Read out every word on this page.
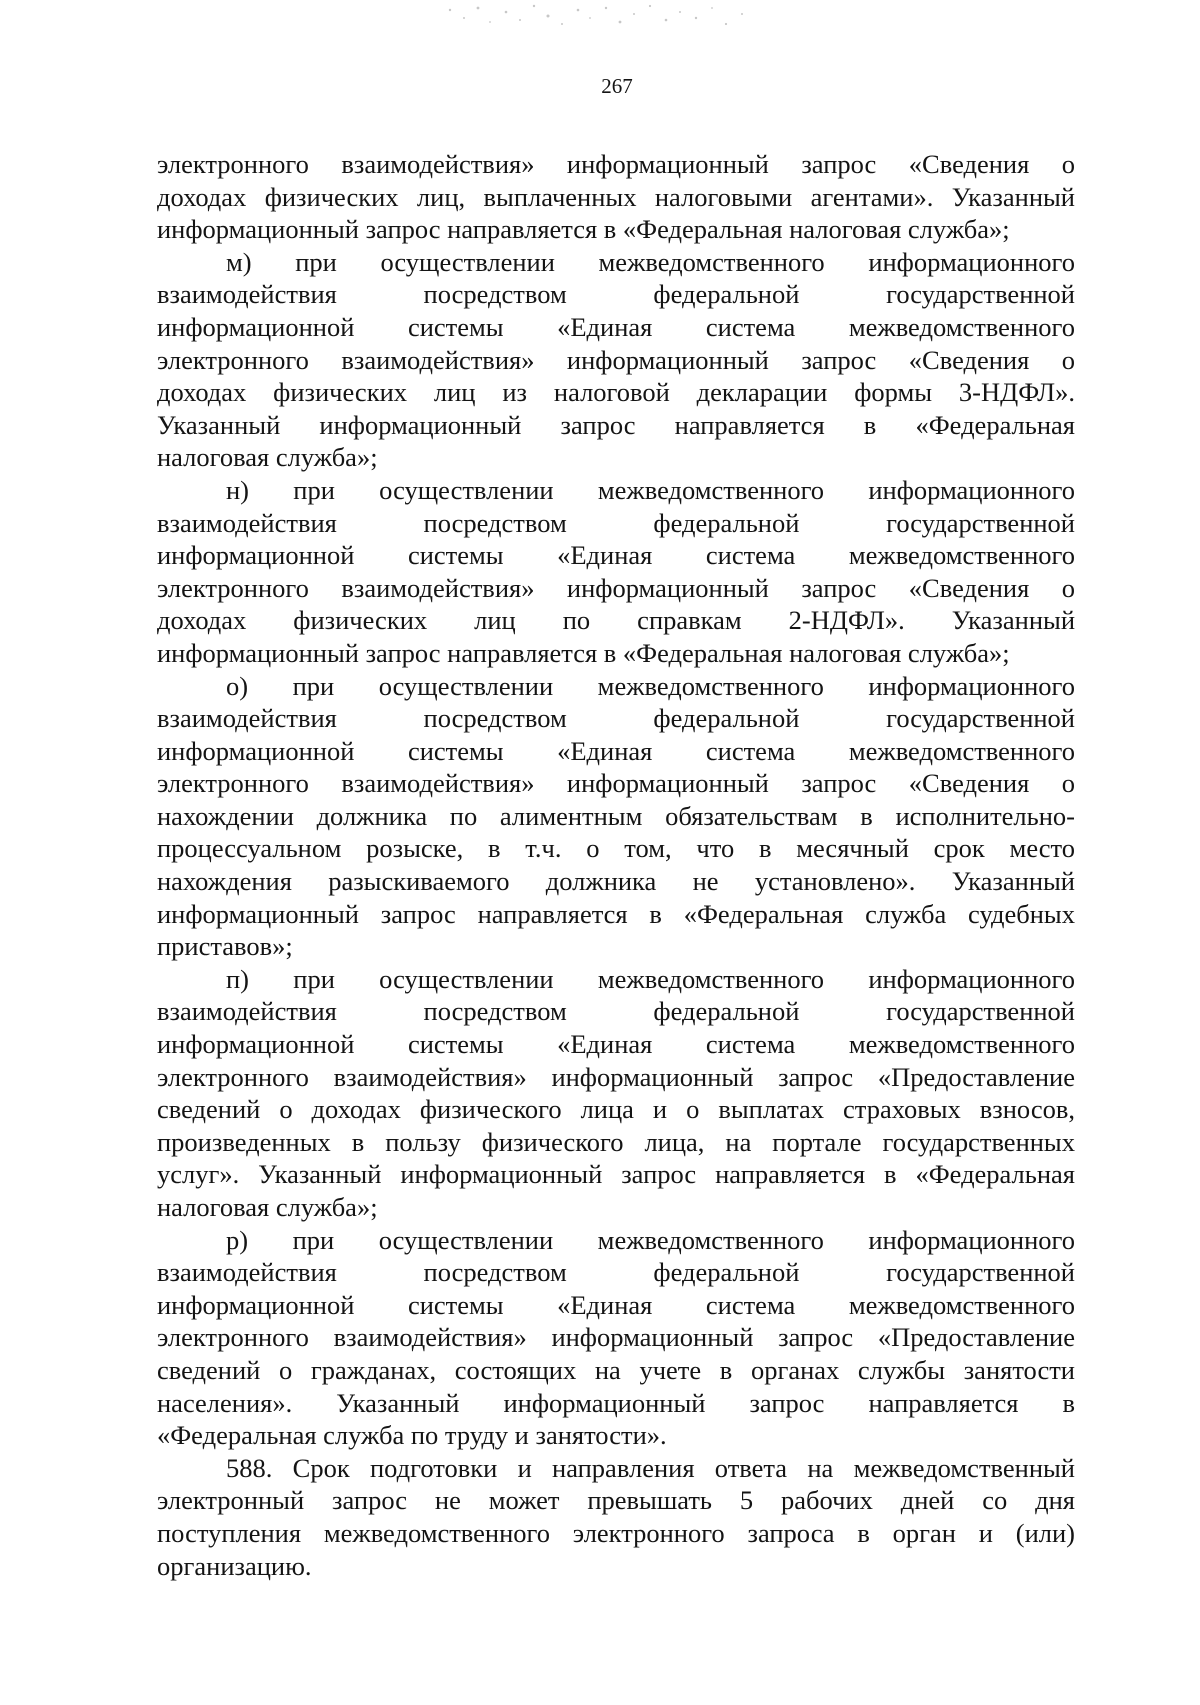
267
электронного взаимодействия» информационный запрос «Сведения о
доходах физических лиц, выплаченных налоговыми агентами». Указанный
информационный запрос направляется в «Федеральная налоговая служба»;
м) при осуществлении межведомственного информационного
взаимодействия посредством федеральной государственной
информационной системы «Единая система межведомственного
электронного взаимодействия» информационный запрос «Сведения о
доходах физических лиц из налоговой декларации формы 3-НДФЛ».
Указанный информационный запрос направляется в «Федеральная
налоговая служба»;
н) при осуществлении межведомственного информационного
взаимодействия посредством федеральной государственной
информационной системы «Единая система межведомственного
электронного взаимодействия» информационный запрос «Сведения о
доходах физических лиц по справкам 2-НДФЛ». Указанный
информационный запрос направляется в «Федеральная налоговая служба»;
о) при осуществлении межведомственного информационного
взаимодействия посредством федеральной государственной
информационной системы «Единая система межведомственного
электронного взаимодействия» информационный запрос «Сведения о
нахождении должника по алиментным обязательствам в исполнительно-
процессуальном розыске, в т.ч. о том, что в месячный срок место
нахождения разыскиваемого должника не установлено». Указанный
информационный запрос направляется в «Федеральная служба судебных
приставов»;
п) при осуществлении межведомственного информационного
взаимодействия посредством федеральной государственной
информационной системы «Единая система межведомственного
электронного взаимодействия» информационный запрос «Предоставление
сведений о доходах физического лица и о выплатах страховых взносов,
произведенных в пользу физического лица, на портале государственных
услуг». Указанный информационный запрос направляется в «Федеральная
налоговая служба»;
р) при осуществлении межведомственного информационного
взаимодействия посредством федеральной государственной
информационной системы «Единая система межведомственного
электронного взаимодействия» информационный запрос «Предоставление
сведений о гражданах, состоящих на учете в органах службы занятости
населения». Указанный информационный запрос направляется в
«Федеральная служба по труду и занятости».
588. Срок подготовки и направления ответа на межведомственный
электронный запрос не может превышать 5 рабочих дней со дня
поступления межведомственного электронного запроса в орган и (или)
организацию.
